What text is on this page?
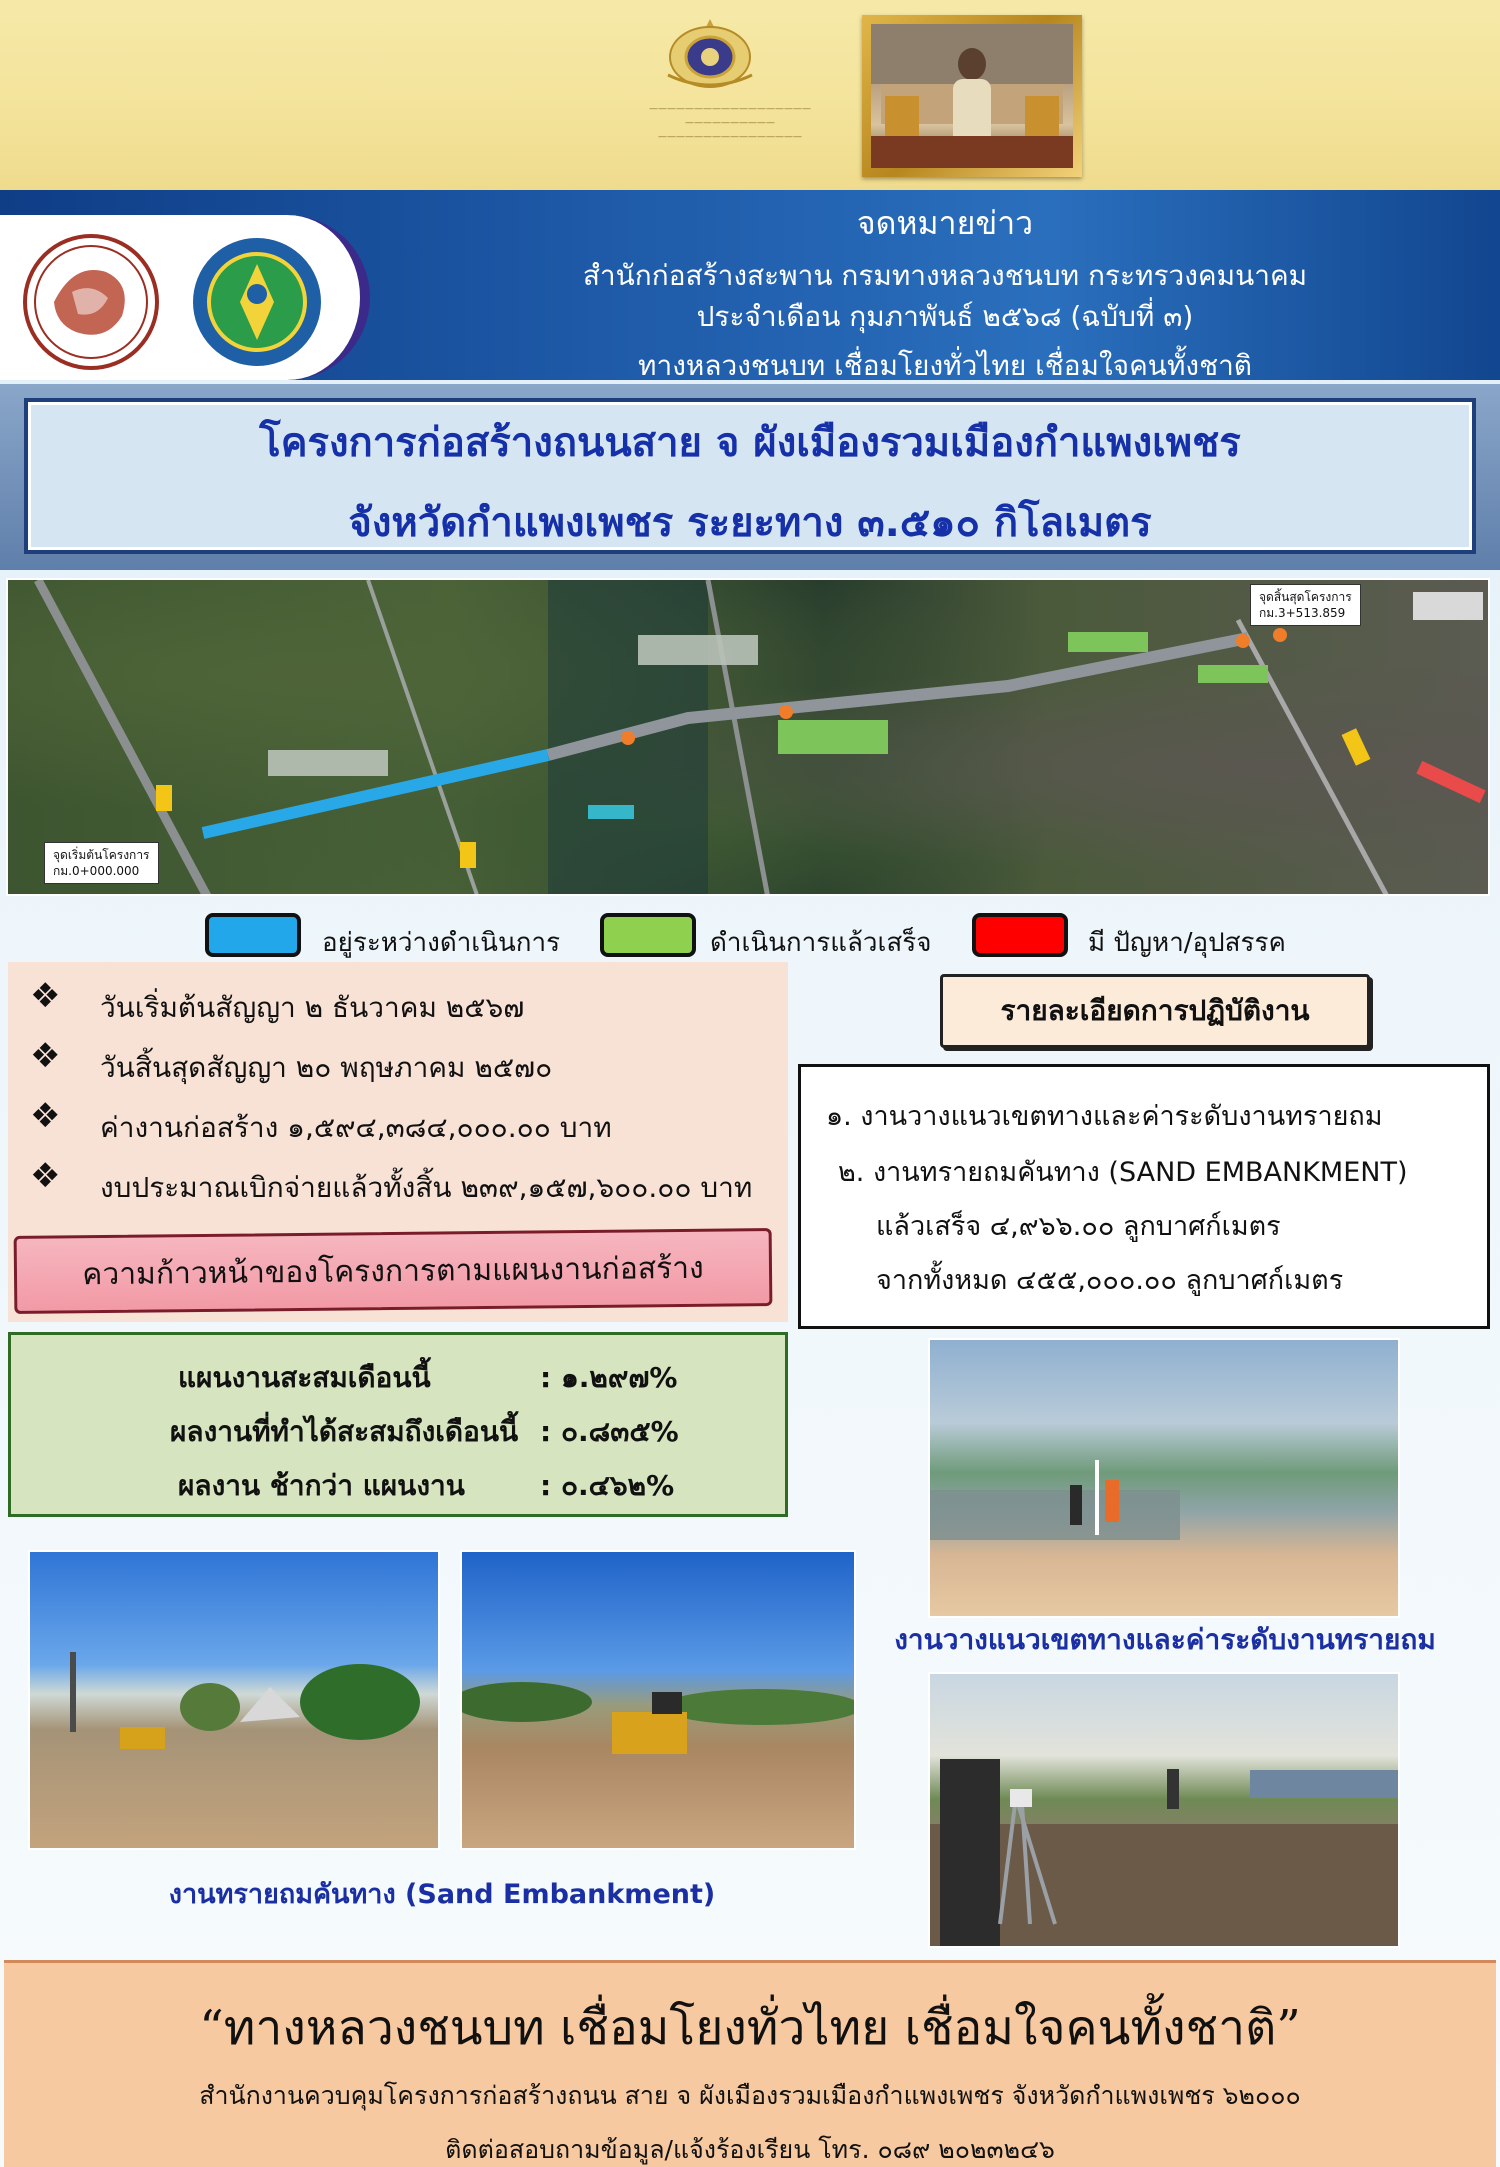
——————————————————
——————————
————————————————
จดหมายข่าว
สำนักก่อสร้างสะพาน กรมทางหลวงชนบท กระทรวงคมนาคม
ประจำเดือน กุมภาพันธ์ ๒๕๖๘ (ฉบับที่ ๓)
ทางหลวงชนบท เชื่อมโยงทั่วไทย เชื่อมใจคนทั้งชาติ
โครงการก่อสร้างถนนสาย จ ผังเมืองรวมเมืองกำแพงเพชร
จังหวัดกำแพงเพชร ระยะทาง ๓.๕๑๐ กิโลเมตร
จุดเริ่มต้นโครงการ
กม.0+000.000
จุดสิ้นสุดโครงการ
กม.3+513.859
อยู่ระหว่างดำเนินการ	ดำเนินการแล้วเสร็จ	มี ปัญหา/อุปสรรค
❖ วันเริ่มต้นสัญญา ๒ ธันวาคม ๒๕๖๗
❖ วันสิ้นสุดสัญญา ๒๐ พฤษภาคม ๒๕๗๐
❖ ค่างานก่อสร้าง ๑,๕๙๔,๓๘๔,๐๐๐.๐๐ บาท
❖ งบประมาณเบิกจ่ายแล้วทั้งสิ้น ๒๓๙,๑๕๗,๖๐๐.๐๐ บาท
ความก้าวหน้าของโครงการตามแผนงานก่อสร้าง
แผนงานสะสมเดือนนี้	: ๑.๒๙๗%
ผลงานที่ทำได้สะสมถึงเดือนนี้ : ๐.๘๓๕%
ผลงาน ช้ากว่า แผนงาน	: ๐.๔๖๒%
รายละเอียดการปฏิบัติงาน
๑. งานวางแนวเขตทางและค่าระดับงานทรายถม
๒. งานทรายถมคันทาง (SAND EMBANKMENT)
แล้วเสร็จ ๔,๙๖๖.๐๐ ลูกบาศก์เมตร
จากทั้งหมด ๔๕๕,๐๐๐.๐๐ ลูกบาศก์เมตร
งานวางแนวเขตทางและค่าระดับงานทรายถม
งานทรายถมคันทาง (Sand Embankment)
“ทางหลวงชนบท เชื่อมโยงทั่วไทย เชื่อมใจคนทั้งชาติ”
สำนักงานควบคุมโครงการก่อสร้างถนน สาย จ ผังเมืองรวมเมืองกำแพงเพชร จังหวัดกำแพงเพชร ๖๒๐๐๐
ติดต่อสอบถามข้อมูล/แจ้งร้องเรียน โทร. ๐๘๙ ๒๐๒๓๒๔๖
